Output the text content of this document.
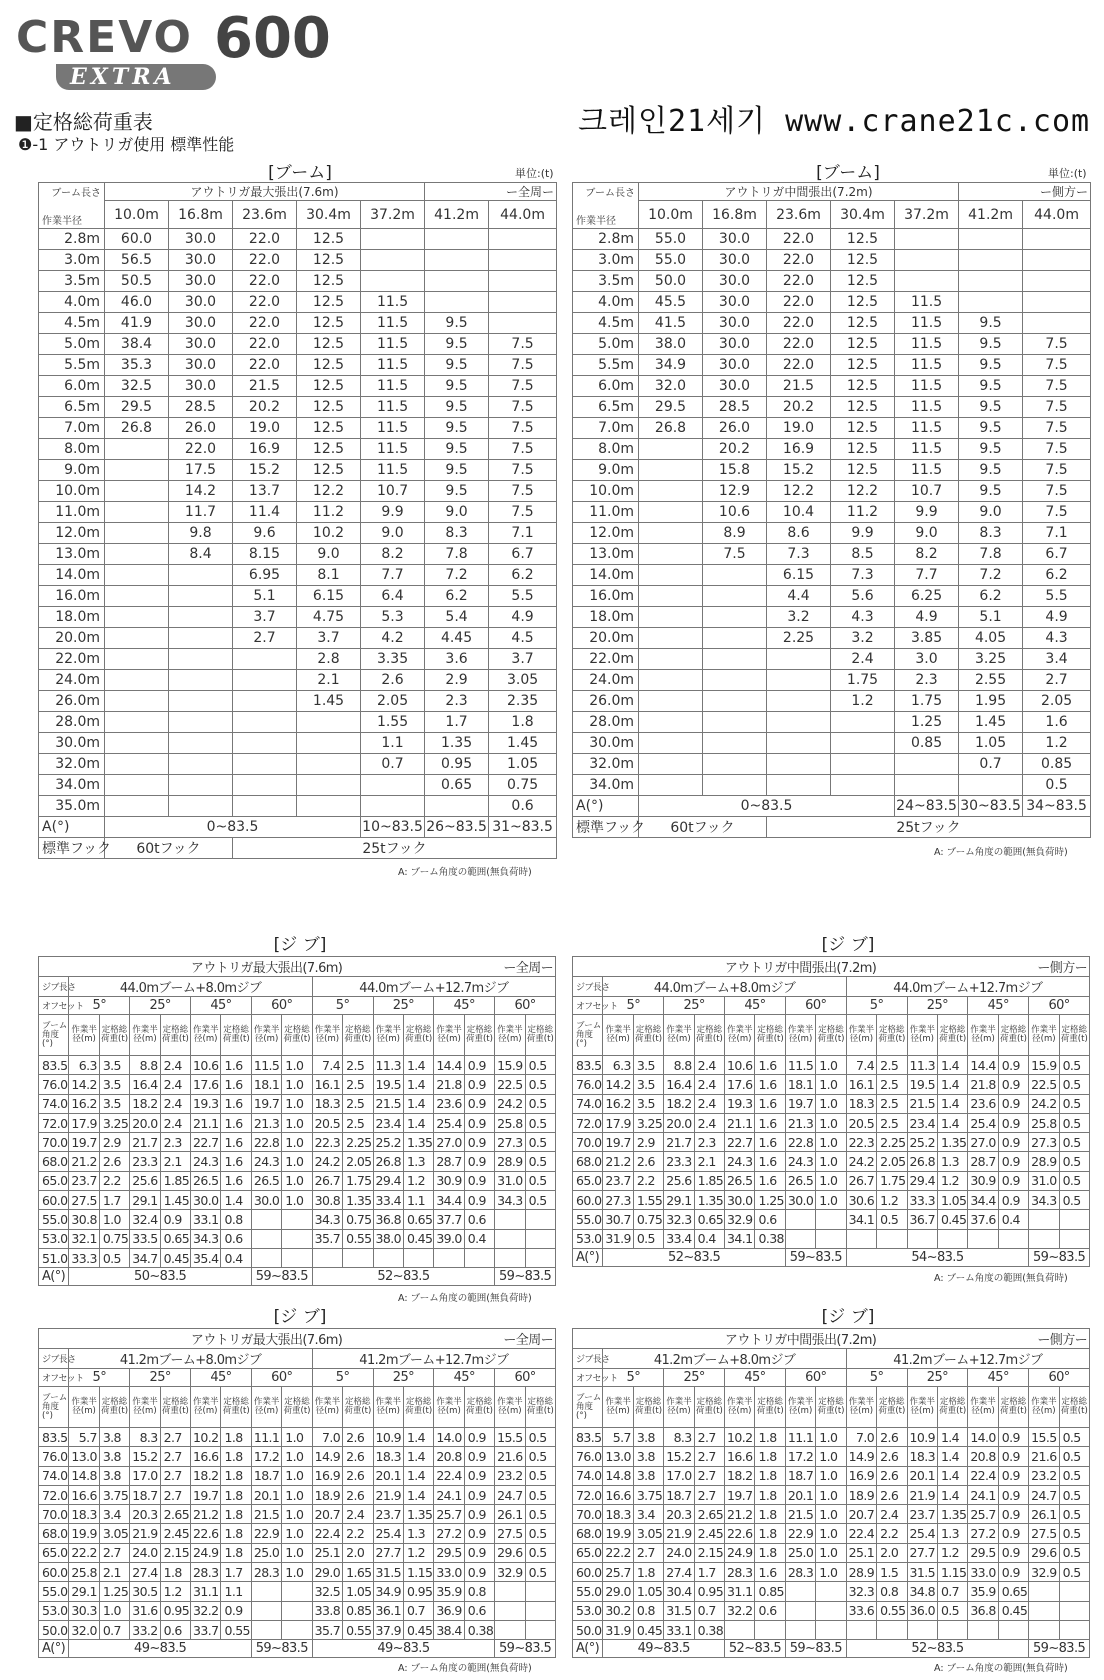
CREVO 600
EXTRA
■定格総荷重表
❶-1 アウトリガ使用 標準性能
크레인21세기 www.crane21c.com
[ブーム]	単位:(t)
ブーム長さ
作業半径	アウトリガ最大張出(7.6m)					ー全周ー	
	10.0m	16.8m	23.6m	30.4m	37.2m	41.2m	44.0m
2.8m	60.0	30.0	22.0	12.5			
3.0m	56.5	30.0	22.0	12.5			
3.5m	50.5	30.0	22.0	12.5			
4.0m	46.0	30.0	22.0	12.5	11.5		
4.5m	41.9	30.0	22.0	12.5	11.5	9.5	
5.0m	38.4	30.0	22.0	12.5	11.5	9.5	7.5
5.5m	35.3	30.0	22.0	12.5	11.5	9.5	7.5
6.0m	32.5	30.0	21.5	12.5	11.5	9.5	7.5
6.5m	29.5	28.5	20.2	12.5	11.5	9.5	7.5
7.0m	26.8	26.0	19.0	12.5	11.5	9.5	7.5
8.0m		22.0	16.9	12.5	11.5	9.5	7.5
9.0m		17.5	15.2	12.5	11.5	9.5	7.5
10.0m		14.2	13.7	12.2	10.7	9.5	7.5
11.0m		11.7	11.4	11.2	9.9	9.0	7.5
12.0m		9.8	9.6	10.2	9.0	8.3	7.1
13.0m		8.4	8.15	9.0	8.2	7.8	6.7
14.0m			6.95	8.1	7.7	7.2	6.2
16.0m			5.1	6.15	6.4	6.2	5.5
18.0m			3.7	4.75	5.3	5.4	4.9
20.0m			2.7	3.7	4.2	4.45	4.5
22.0m				2.8	3.35	3.6	3.7
24.0m				2.1	2.6	2.9	3.05
26.0m				1.45	2.05	2.3	2.35
28.0m					1.55	1.7	1.8
30.0m					1.1	1.35	1.45
32.0m					0.7	0.95	1.05
34.0m						0.65	0.75
35.0m							0.6
A(°)	0~83.5				10~83.5	26~83.5	31~83.5
標準フック	60tフック		25tフック				
A: ブーム角度の範囲(無負荷時)
[ブーム]	単位:(t)
ブーム長さ
作業半径	アウトリガ中間張出(7.2m)					ー側方ー	
	10.0m	16.8m	23.6m	30.4m	37.2m	41.2m	44.0m
2.8m	55.0	30.0	22.0	12.5			
3.0m	55.0	30.0	22.0	12.5			
3.5m	50.0	30.0	22.0	12.5			
4.0m	45.5	30.0	22.0	12.5	11.5		
4.5m	41.5	30.0	22.0	12.5	11.5	9.5	
5.0m	38.0	30.0	22.0	12.5	11.5	9.5	7.5
5.5m	34.9	30.0	22.0	12.5	11.5	9.5	7.5
6.0m	32.0	30.0	21.5	12.5	11.5	9.5	7.5
6.5m	29.5	28.5	20.2	12.5	11.5	9.5	7.5
7.0m	26.8	26.0	19.0	12.5	11.5	9.5	7.5
8.0m		20.2	16.9	12.5	11.5	9.5	7.5
9.0m		15.8	15.2	12.5	11.5	9.5	7.5
10.0m		12.9	12.2	12.2	10.7	9.5	7.5
11.0m		10.6	10.4	11.2	9.9	9.0	7.5
12.0m		8.9	8.6	9.9	9.0	8.3	7.1
13.0m		7.5	7.3	8.5	8.2	7.8	6.7
14.0m			6.15	7.3	7.7	7.2	6.2
16.0m			4.4	5.6	6.25	6.2	5.5
18.0m			3.2	4.3	4.9	5.1	4.9
20.0m			2.25	3.2	3.85	4.05	4.3
22.0m				2.4	3.0	3.25	3.4
24.0m				1.75	2.3	2.55	2.7
26.0m				1.2	1.75	1.95	2.05
28.0m					1.25	1.45	1.6
30.0m					0.85	1.05	1.2
32.0m						0.7	0.85
34.0m							0.5
A(°)	0~83.5				24~83.5	30~83.5	34~83.5
標準フック	60tフック		25tフック				
A: ブーム角度の範囲(無負荷時)
[ジ ブ]
			アウトリガ最大張出(7.6m)									ー全周ー				
ジブ長さ	44.0mブーム+8.0mジブ								44.0mブーム+12.7mジブ							
オフセット	5°		25°		45°		60°		5°		25°		45°		60°	
ブーム角度(°)	作業半径(m)	定格総荷重(t)	作業半径(m)	定格総荷重(t)	作業半径(m)	定格総荷重(t)	作業半径(m)	定格総荷重(t)	作業半径(m)	定格総荷重(t)	作業半径(m)	定格総荷重(t)	作業半径(m)	定格総荷重(t)	作業半径(m)	定格総荷重(t)
83.5	6.3	3.5	8.8	2.4	10.6	1.6	11.5	1.0	7.4	2.5	11.3	1.4	14.4	0.9	15.9	0.5
76.0	14.2	3.5	16.4	2.4	17.6	1.6	18.1	1.0	16.1	2.5	19.5	1.4	21.8	0.9	22.5	0.5
74.0	16.2	3.5	18.2	2.4	19.3	1.6	19.7	1.0	18.3	2.5	21.5	1.4	23.6	0.9	24.2	0.5
72.0	17.9	3.25	20.0	2.4	21.1	1.6	21.3	1.0	20.5	2.5	23.4	1.4	25.4	0.9	25.8	0.5
70.0	19.7	2.9	21.7	2.3	22.7	1.6	22.8	1.0	22.3	2.25	25.2	1.35	27.0	0.9	27.3	0.5
68.0	21.2	2.6	23.3	2.1	24.3	1.6	24.3	1.0	24.2	2.05	26.8	1.3	28.7	0.9	28.9	0.5
65.0	23.7	2.2	25.6	1.85	26.5	1.6	26.5	1.0	26.7	1.75	29.4	1.2	30.9	0.9	31.0	0.5
60.0	27.5	1.7	29.1	1.45	30.0	1.4	30.0	1.0	30.8	1.35	33.4	1.1	34.4	0.9	34.3	0.5
55.0	30.8	1.0	32.4	0.9	33.1	0.8			34.3	0.75	36.8	0.65	37.7	0.6		
53.0	32.1	0.75	33.5	0.65	34.3	0.6			35.7	0.55	38.0	0.45	39.0	0.4		
51.0	33.3	0.5	34.7	0.45	35.4	0.4										
A(°)	50~83.5						59~83.5		52~83.5						59~83.5	
A: ブーム角度の範囲(無負荷時)
[ジ ブ]
			アウトリガ中間張出(7.2m)									ー側方ー				
ジブ長さ	44.0mブーム+8.0mジブ								44.0mブーム+12.7mジブ							
オフセット	5°		25°		45°		60°		5°		25°		45°		60°	
ブーム角度(°)	作業半径(m)	定格総荷重(t)	作業半径(m)	定格総荷重(t)	作業半径(m)	定格総荷重(t)	作業半径(m)	定格総荷重(t)	作業半径(m)	定格総荷重(t)	作業半径(m)	定格総荷重(t)	作業半径(m)	定格総荷重(t)	作業半径(m)	定格総荷重(t)
83.5	6.3	3.5	8.8	2.4	10.6	1.6	11.5	1.0	7.4	2.5	11.3	1.4	14.4	0.9	15.9	0.5
76.0	14.2	3.5	16.4	2.4	17.6	1.6	18.1	1.0	16.1	2.5	19.5	1.4	21.8	0.9	22.5	0.5
74.0	16.2	3.5	18.2	2.4	19.3	1.6	19.7	1.0	18.3	2.5	21.5	1.4	23.6	0.9	24.2	0.5
72.0	17.9	3.25	20.0	2.4	21.1	1.6	21.3	1.0	20.5	2.5	23.4	1.4	25.4	0.9	25.8	0.5
70.0	19.7	2.9	21.7	2.3	22.7	1.6	22.8	1.0	22.3	2.25	25.2	1.35	27.0	0.9	27.3	0.5
68.0	21.2	2.6	23.3	2.1	24.3	1.6	24.3	1.0	24.2	2.05	26.8	1.3	28.7	0.9	28.9	0.5
65.0	23.7	2.2	25.6	1.85	26.5	1.6	26.5	1.0	26.7	1.75	29.4	1.2	30.9	0.9	31.0	0.5
60.0	27.3	1.55	29.1	1.35	30.0	1.25	30.0	1.0	30.6	1.2	33.3	1.05	34.4	0.9	34.3	0.5
55.0	30.7	0.75	32.3	0.65	32.9	0.6			34.1	0.5	36.7	0.45	37.6	0.4		
53.0	31.9	0.5	33.4	0.4	34.1	0.38										
A(°)	52~83.5						59~83.5		54~83.5						59~83.5	
A: ブーム角度の範囲(無負荷時)
[ジ ブ]
			アウトリガ最大張出(7.6m)									ー全周ー				
ジブ長さ	41.2mブーム+8.0mジブ								41.2mブーム+12.7mジブ							
オフセット	5°		25°		45°		60°		5°		25°		45°		60°	
ブーム角度(°)	作業半径(m)	定格総荷重(t)	作業半径(m)	定格総荷重(t)	作業半径(m)	定格総荷重(t)	作業半径(m)	定格総荷重(t)	作業半径(m)	定格総荷重(t)	作業半径(m)	定格総荷重(t)	作業半径(m)	定格総荷重(t)	作業半径(m)	定格総荷重(t)
83.5	5.7	3.8	8.3	2.7	10.2	1.8	11.1	1.0	7.0	2.6	10.9	1.4	14.0	0.9	15.5	0.5
76.0	13.0	3.8	15.2	2.7	16.6	1.8	17.2	1.0	14.9	2.6	18.3	1.4	20.8	0.9	21.6	0.5
74.0	14.8	3.8	17.0	2.7	18.2	1.8	18.7	1.0	16.9	2.6	20.1	1.4	22.4	0.9	23.2	0.5
72.0	16.6	3.75	18.7	2.7	19.7	1.8	20.1	1.0	18.9	2.6	21.9	1.4	24.1	0.9	24.7	0.5
70.0	18.3	3.4	20.3	2.65	21.2	1.8	21.5	1.0	20.7	2.4	23.7	1.35	25.7	0.9	26.1	0.5
68.0	19.9	3.05	21.9	2.45	22.6	1.8	22.9	1.0	22.4	2.2	25.4	1.3	27.2	0.9	27.5	0.5
65.0	22.2	2.7	24.0	2.15	24.9	1.8	25.0	1.0	25.1	2.0	27.7	1.2	29.5	0.9	29.6	0.5
60.0	25.8	2.1	27.4	1.8	28.3	1.7	28.3	1.0	29.0	1.65	31.5	1.15	33.0	0.9	32.9	0.5
55.0	29.1	1.25	30.5	1.2	31.1	1.1			32.5	1.05	34.9	0.95	35.9	0.8		
53.0	30.3	1.0	31.6	0.95	32.2	0.9			33.8	0.85	36.1	0.7	36.9	0.6		
50.0	32.0	0.7	33.2	0.6	33.7	0.55			35.7	0.55	37.9	0.45	38.4	0.38		
A(°)	49~83.5						59~83.5		49~83.5						59~83.5	
A: ブーム角度の範囲(無負荷時)
[ジ ブ]
			アウトリガ中間張出(7.2m)									ー側方ー				
ジブ長さ	41.2mブーム+8.0mジブ								41.2mブーム+12.7mジブ							
オフセット	5°		25°		45°		60°		5°		25°		45°		60°	
ブーム角度(°)	作業半径(m)	定格総荷重(t)	作業半径(m)	定格総荷重(t)	作業半径(m)	定格総荷重(t)	作業半径(m)	定格総荷重(t)	作業半径(m)	定格総荷重(t)	作業半径(m)	定格総荷重(t)	作業半径(m)	定格総荷重(t)	作業半径(m)	定格総荷重(t)
83.5	5.7	3.8	8.3	2.7	10.2	1.8	11.1	1.0	7.0	2.6	10.9	1.4	14.0	0.9	15.5	0.5
76.0	13.0	3.8	15.2	2.7	16.6	1.8	17.2	1.0	14.9	2.6	18.3	1.4	20.8	0.9	21.6	0.5
74.0	14.8	3.8	17.0	2.7	18.2	1.8	18.7	1.0	16.9	2.6	20.1	1.4	22.4	0.9	23.2	0.5
72.0	16.6	3.75	18.7	2.7	19.7	1.8	20.1	1.0	18.9	2.6	21.9	1.4	24.1	0.9	24.7	0.5
70.0	18.3	3.4	20.3	2.65	21.2	1.8	21.5	1.0	20.7	2.4	23.7	1.35	25.7	0.9	26.1	0.5
68.0	19.9	3.05	21.9	2.45	22.6	1.8	22.9	1.0	22.4	2.2	25.4	1.3	27.2	0.9	27.5	0.5
65.0	22.2	2.7	24.0	2.15	24.9	1.8	25.0	1.0	25.1	2.0	27.7	1.2	29.5	0.9	29.6	0.5
60.0	25.7	1.8	27.4	1.7	28.3	1.6	28.3	1.0	28.9	1.5	31.5	1.15	33.0	0.9	32.9	0.5
55.0	29.0	1.05	30.4	0.95	31.1	0.85			32.3	0.8	34.8	0.7	35.9	0.65		
53.0	30.2	0.8	31.5	0.7	32.2	0.6			33.6	0.55	36.0	0.5	36.8	0.45		
50.0	31.9	0.45	33.1	0.38												
A(°)	49~83.5				52~83.5		59~83.5		52~83.5						59~83.5	
A: ブーム角度の範囲(無負荷時)
